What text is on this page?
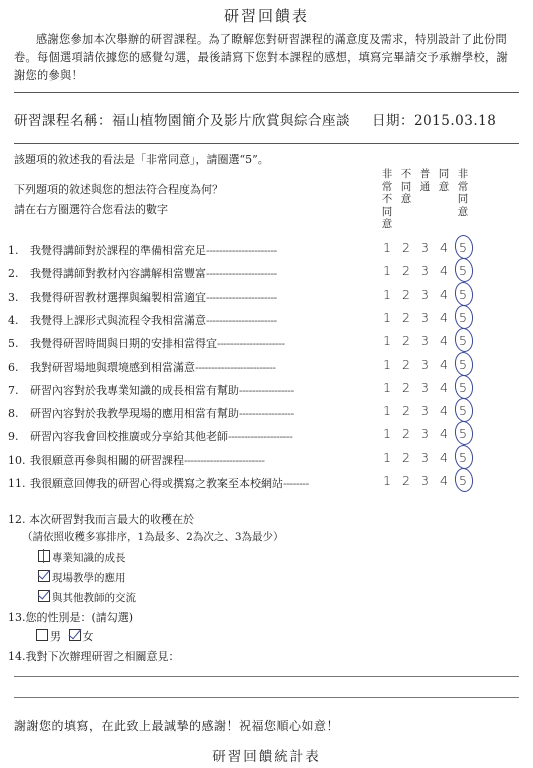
研習回饋表
感謝您參加本次舉辦的研習課程。為了瞭解您對研習課程的滿意度及需求，特別設計了此份問卷。每個選項請依據您的感覺勾選，最後請寫下您對本課程的感想，填寫完畢請交予承辦學校，謝謝您的參與！
研習課程名稱：福山植物園簡介及影片欣賞與綜合座談 日期：2015.03.18
該題項的敘述我的看法是「非常同意」，請圈選“5”。
下列題項的敘述與您的想法符合程度為何？
請在右方圈選符合您看法的數字
非常不同意
不同意
普通
同意
非常同意
1. 我覺得講師對於課程的準備相當充足----------------------	1 2 3 4 5
2. 我覺得講師對教材內容講解相當豐富----------------------	1 2 3 4 5
3. 我覺得研習教材選擇與編製相當適宜----------------------	1 2 3 4 5
4. 我覺得上課形式與流程令我相當滿意----------------------	1 2 3 4 5
5. 我覺得研習時間與日期的安排相當得宜---------------------	1 2 3 4 5
6. 我對研習場地與環境感到相當滿意-------------------------	1 2 3 4 5
7. 研習內容對於我專業知識的成長相當有幫助-----------------	1 2 3 4 5
8. 研習內容對於我教學現場的應用相當有幫助-----------------	1 2 3 4 5
9. 研習內容我會回校推廣或分享給其他老師--------------------	1 2 3 4 5
10. 我很願意再參與相關的研習課程-------------------------	1 2 3 4 5
11. 我很願意回傳我的研習心得或撰寫之教案至本校網站--------	1 2 3 4 5
12. 本次研習對我而言最大的收穫在於
（請依照收穫多寡排序，1為最多、2為次之、3為最少）
專業知識的成長
現場教學的應用
與其他教師的交流
13.您的性別是：(請勾選)
男 女
14.我對下次辦理研習之相關意見：
謝謝您的填寫，在此致上最誠摯的感謝！祝福您順心如意！
研習回饋統計表
